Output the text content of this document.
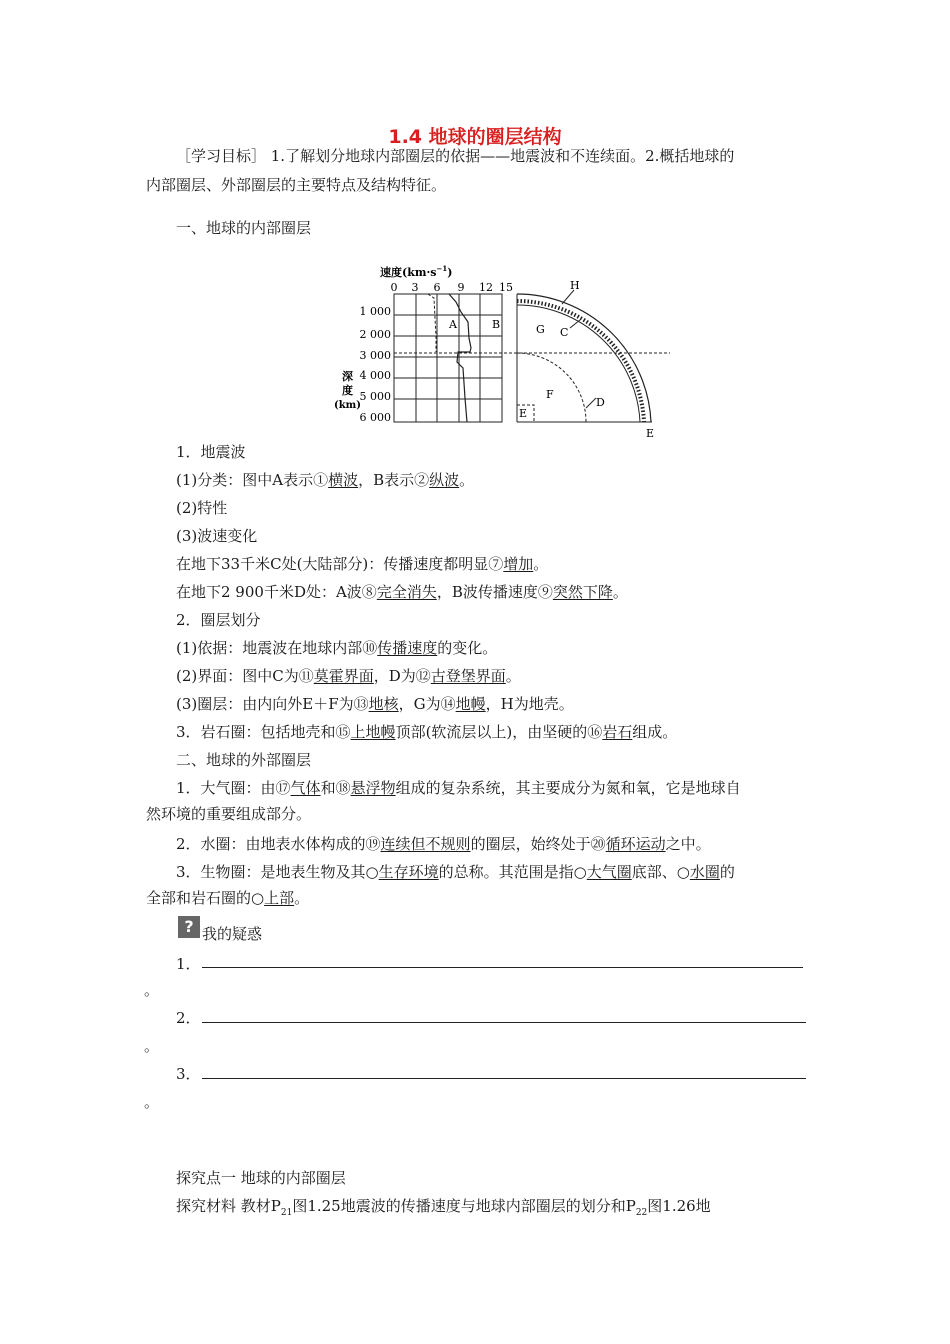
1.4 地球的圈层结构
［学习目标］ 1.了解划分地球内部圈层的依据——地震波和不连续面。2.概括地球的
内部圈层、外部圈层的主要特点及结构特征。
一、地球的内部圈层
速度$(km\cdot s^{-1})$
0 3 6 9 12 15
1 000
2 000
3 000
4 000
5 000
6 000
深
度
(km)
A	B
H
C
G
F
D
E
E
1．地震波
(1)分类：图中A表示①横波，B表示②纵波。
(2)特性
(3)波速变化
在地下33千米C处(大陆部分)：传播速度都明显⑦增加。
在地下2 900千米D处：A波⑧完全消失，B波传播速度⑨突然下降。
2．圈层划分
(1)依据：地震波在地球内部⑩传播速度的变化。
(2)界面：图中C为⑪莫霍界面，D为⑫古登堡界面。
(3)圈层：由内向外E＋F为⑬地核，G为⑭地幔，H为地壳。
3．岩石圈：包括地壳和⑮上地幔顶部(软流层以上)，由坚硬的⑯岩石组成。
二、地球的外部圈层
1．大气圈：由⑰气体和⑱悬浮物组成的复杂系统，其主要成分为氮和氧，它是地球自
然环境的重要组成部分。
2．水圈：由地表水体构成的⑲连续但不规则的圈层，始终处于⑳循环运动之中。
3．生物圈：是地表生物及其○生存环境的总称。其范围是指○大气圈底部、○水圈的
全部和岩石圈的○上部。
? 我的疑惑
1．
。
2．
。
3．
。
探究点一 地球的内部圈层
探究材料 教材$P_{21}$图1.25地震波的传播速度与地球内部圈层的划分和$P_{22}$图1.26地
